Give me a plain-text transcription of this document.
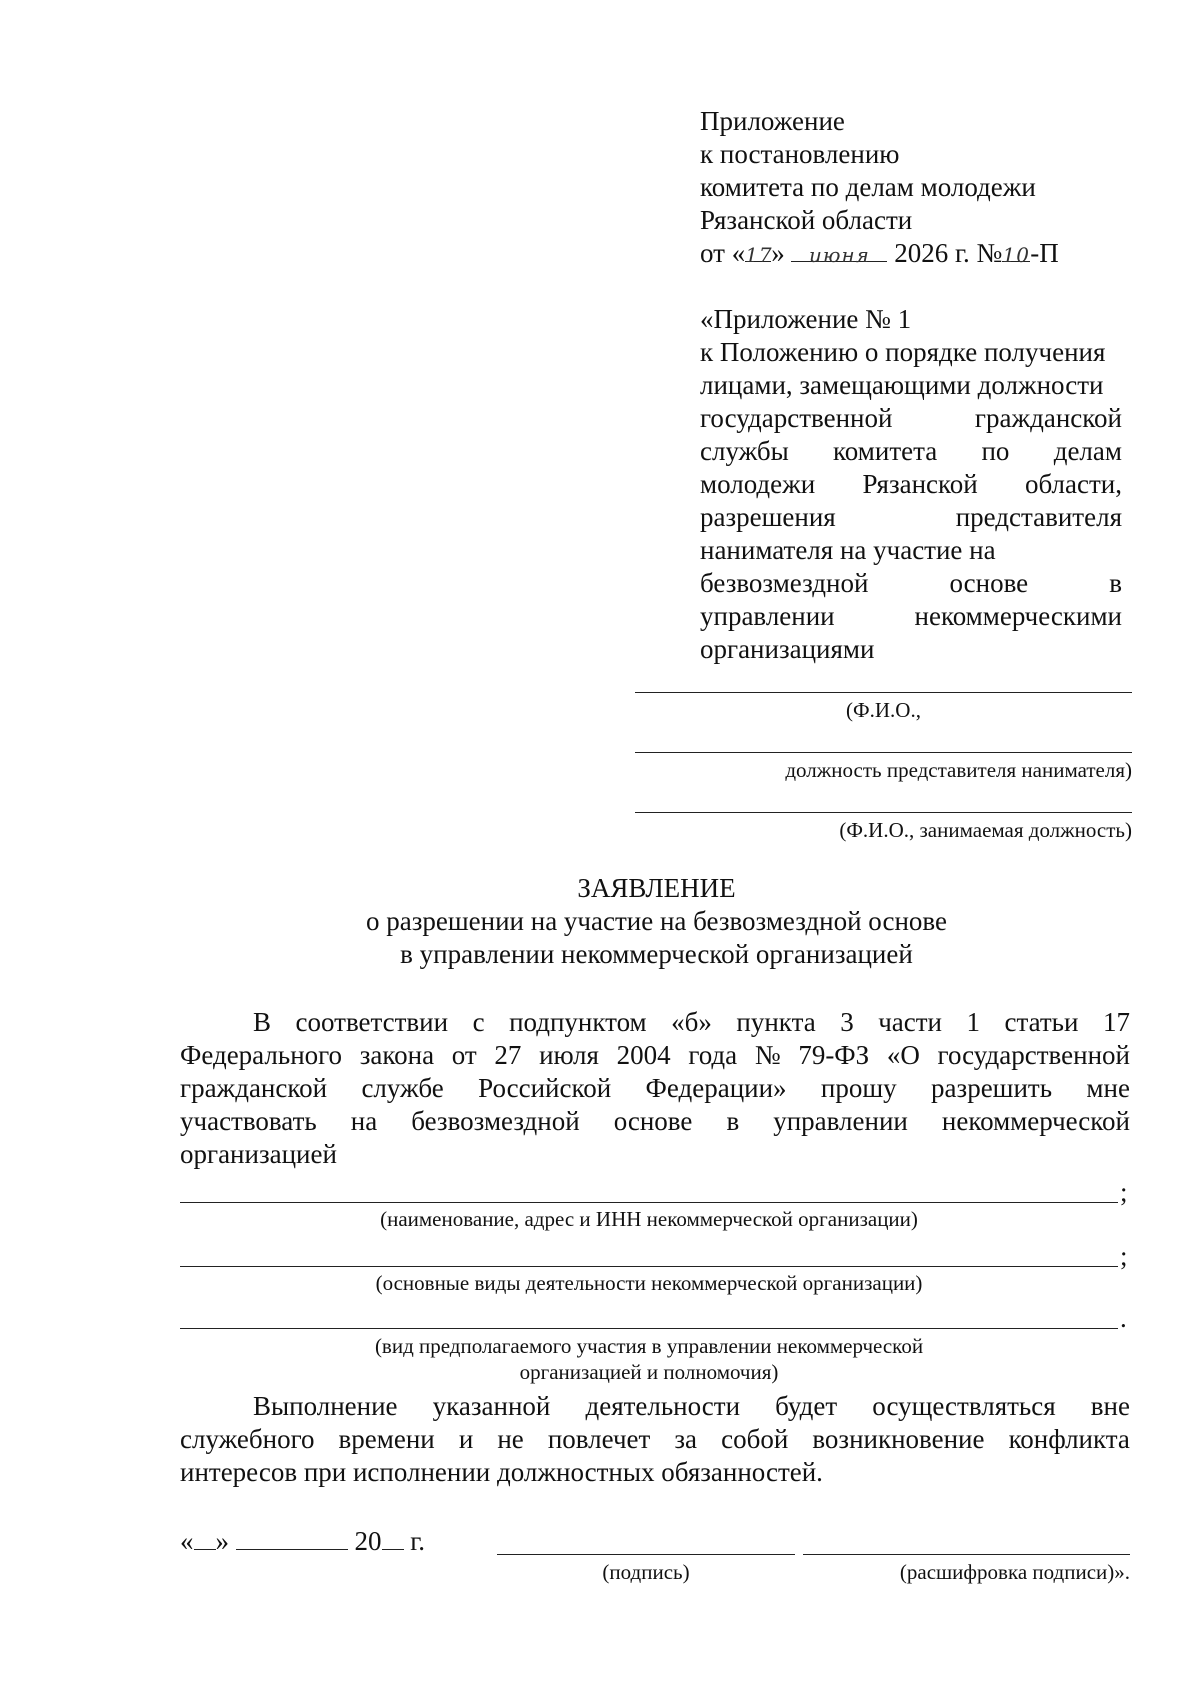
Приложение
к постановлению
комитета по делам молодежи
Рязанской области
от «17» июня 2026 г. №10-П
«Приложение № 1
к Положению о порядке получения
лицами, замещающими должности
государственной	гражданской
службы комитета по делам
молодежи Рязанской области,
разрешения	представителя
нанимателя на участие на
безвозмездной	основе	в
управлении	некоммерческими
организациями
(Ф.И.О.,
должность представителя нанимателя)
(Ф.И.О., занимаемая должность)
ЗАЯВЛЕНИЕ
о разрешении на участие на безвозмездной основе
в управлении некоммерческой организацией
В соответствии с подпунктом «б» пункта 3 части 1 статьи 17
Федерального закона от 27 июля 2004 года № 79-ФЗ «О государственной
гражданской службе Российской Федерации» прошу разрешить мне
участвовать на безвозмездной основе в управлении некоммерческой
организацией
;
(наименование, адрес и ИНН некоммерческой организации)
;
(основные виды деятельности некоммерческой организации)
.
(вид предполагаемого участия в управлении некоммерческой
организацией и полномочия)
Выполнение указанной деятельности будет осуществляться вне
служебного времени и не повлечет за собой возникновение конфликта
интересов при исполнении должностных обязанностей.
« »	20 г.
(подпись)	(расшифровка подписи)».
